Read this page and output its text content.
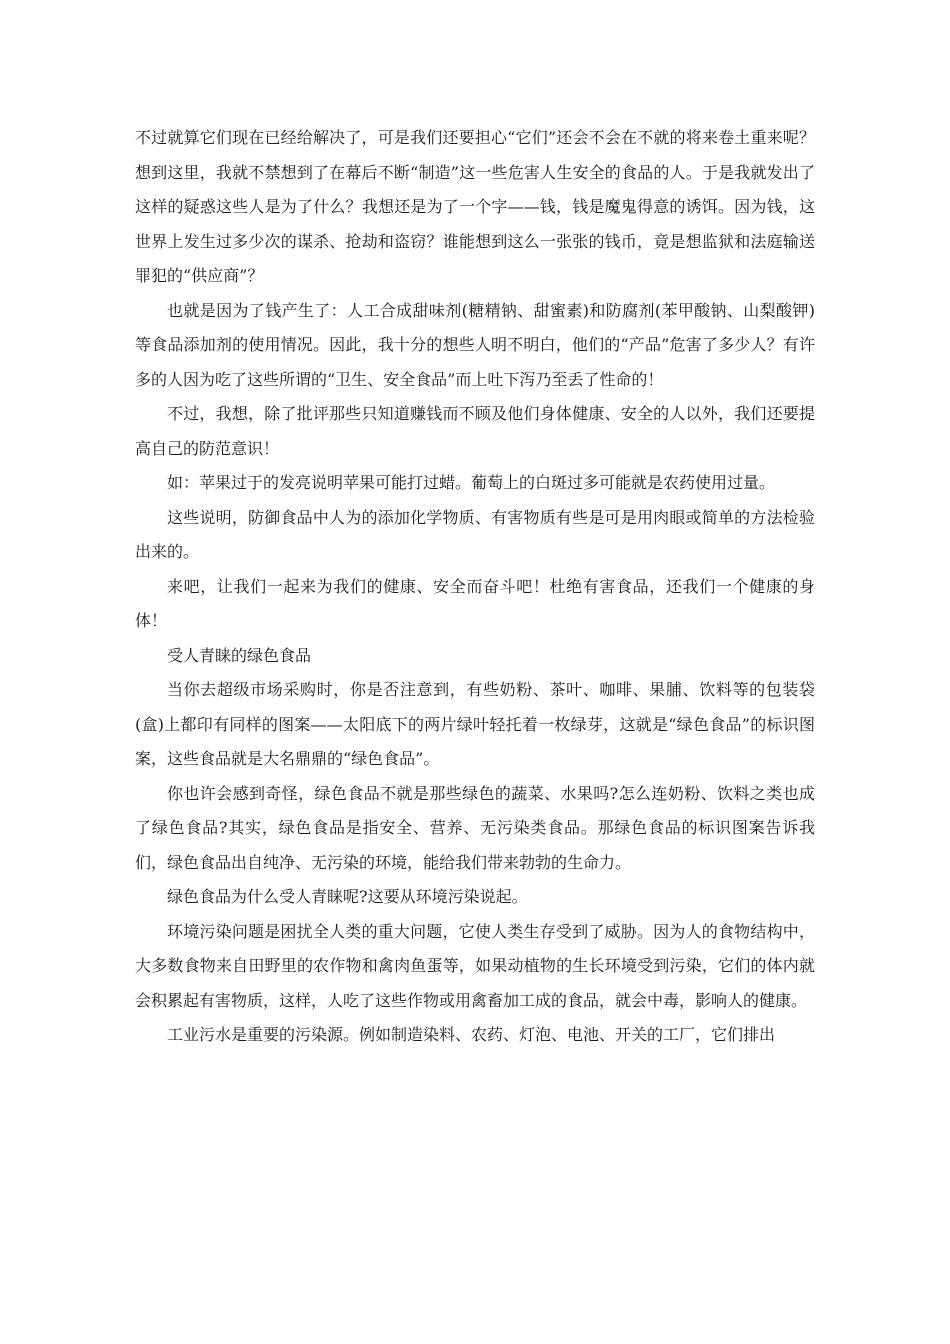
不过就算它们现在已经给解决了，可是我们还要担心“它们”还会不会在不就的将来卷土重来呢？想到这里，我就不禁想到了在幕后不断“制造”这一些危害人生安全的食品的人。于是我就发出了这样的疑惑这些人是为了什么？我想还是为了一个字——钱，钱是魔鬼得意的诱饵。因为钱，这世界上发生过多少次的谋杀、抢劫和盗窃？谁能想到这么一张张的钱币，竟是想监狱和法庭输送罪犯的“供应商”？

也就是因为了钱产生了：人工合成甜味剂(糖精钠、甜蜜素)和防腐剂(苯甲酸钠、山梨酸钾)等食品添加剂的使用情况。因此，我十分的想些人明不明白，他们的“产品”危害了多少人？有许多的人因为吃了这些所谓的“卫生、安全食品”而上吐下泻乃至丢了性命的！

不过，我想，除了批评那些只知道赚钱而不顾及他们身体健康、安全的人以外，我们还要提高自己的防范意识！

如：苹果过于的发亮说明苹果可能打过蜡。葡萄上的白斑过多可能就是农药使用过量。

这些说明，防御食品中人为的添加化学物质、有害物质有些是可是用肉眼或简单的方法检验出来的。

来吧，让我们一起来为我们的健康、安全而奋斗吧！杜绝有害食品，还我们一个健康的身体！

受人青睐的绿色食品

当你去超级市场采购时，你是否注意到，有些奶粉、茶叶、咖啡、果脯、饮料等的包装袋(盒)上都印有同样的图案——太阳底下的两片绿叶轻托着一枚绿芽，这就是“绿色食品”的标识图案，这些食品就是大名鼎鼎的“绿色食品”。

你也许会感到奇怪，绿色食品不就是那些绿色的蔬菜、水果吗?怎么连奶粉、饮料之类也成了绿色食品?其实，绿色食品是指安全、营养、无污染类食品。那绿色食品的标识图案告诉我们，绿色食品出自纯净、无污染的环境，能给我们带来勃勃的生命力。

绿色食品为什么受人青睐呢?这要从环境污染说起。

环境污染问题是困扰全人类的重大问题，它使人类生存受到了威胁。因为人的食物结构中，大多数食物来自田野里的农作物和禽肉鱼蛋等，如果动植物的生长环境受到污染，它们的体内就会积累起有害物质，这样，人吃了这些作物或用禽畜加工成的食品，就会中毒，影响人的健康。

工业污水是重要的污染源。例如制造染料、农药、灯泡、电池、开关的工厂，它们排出
